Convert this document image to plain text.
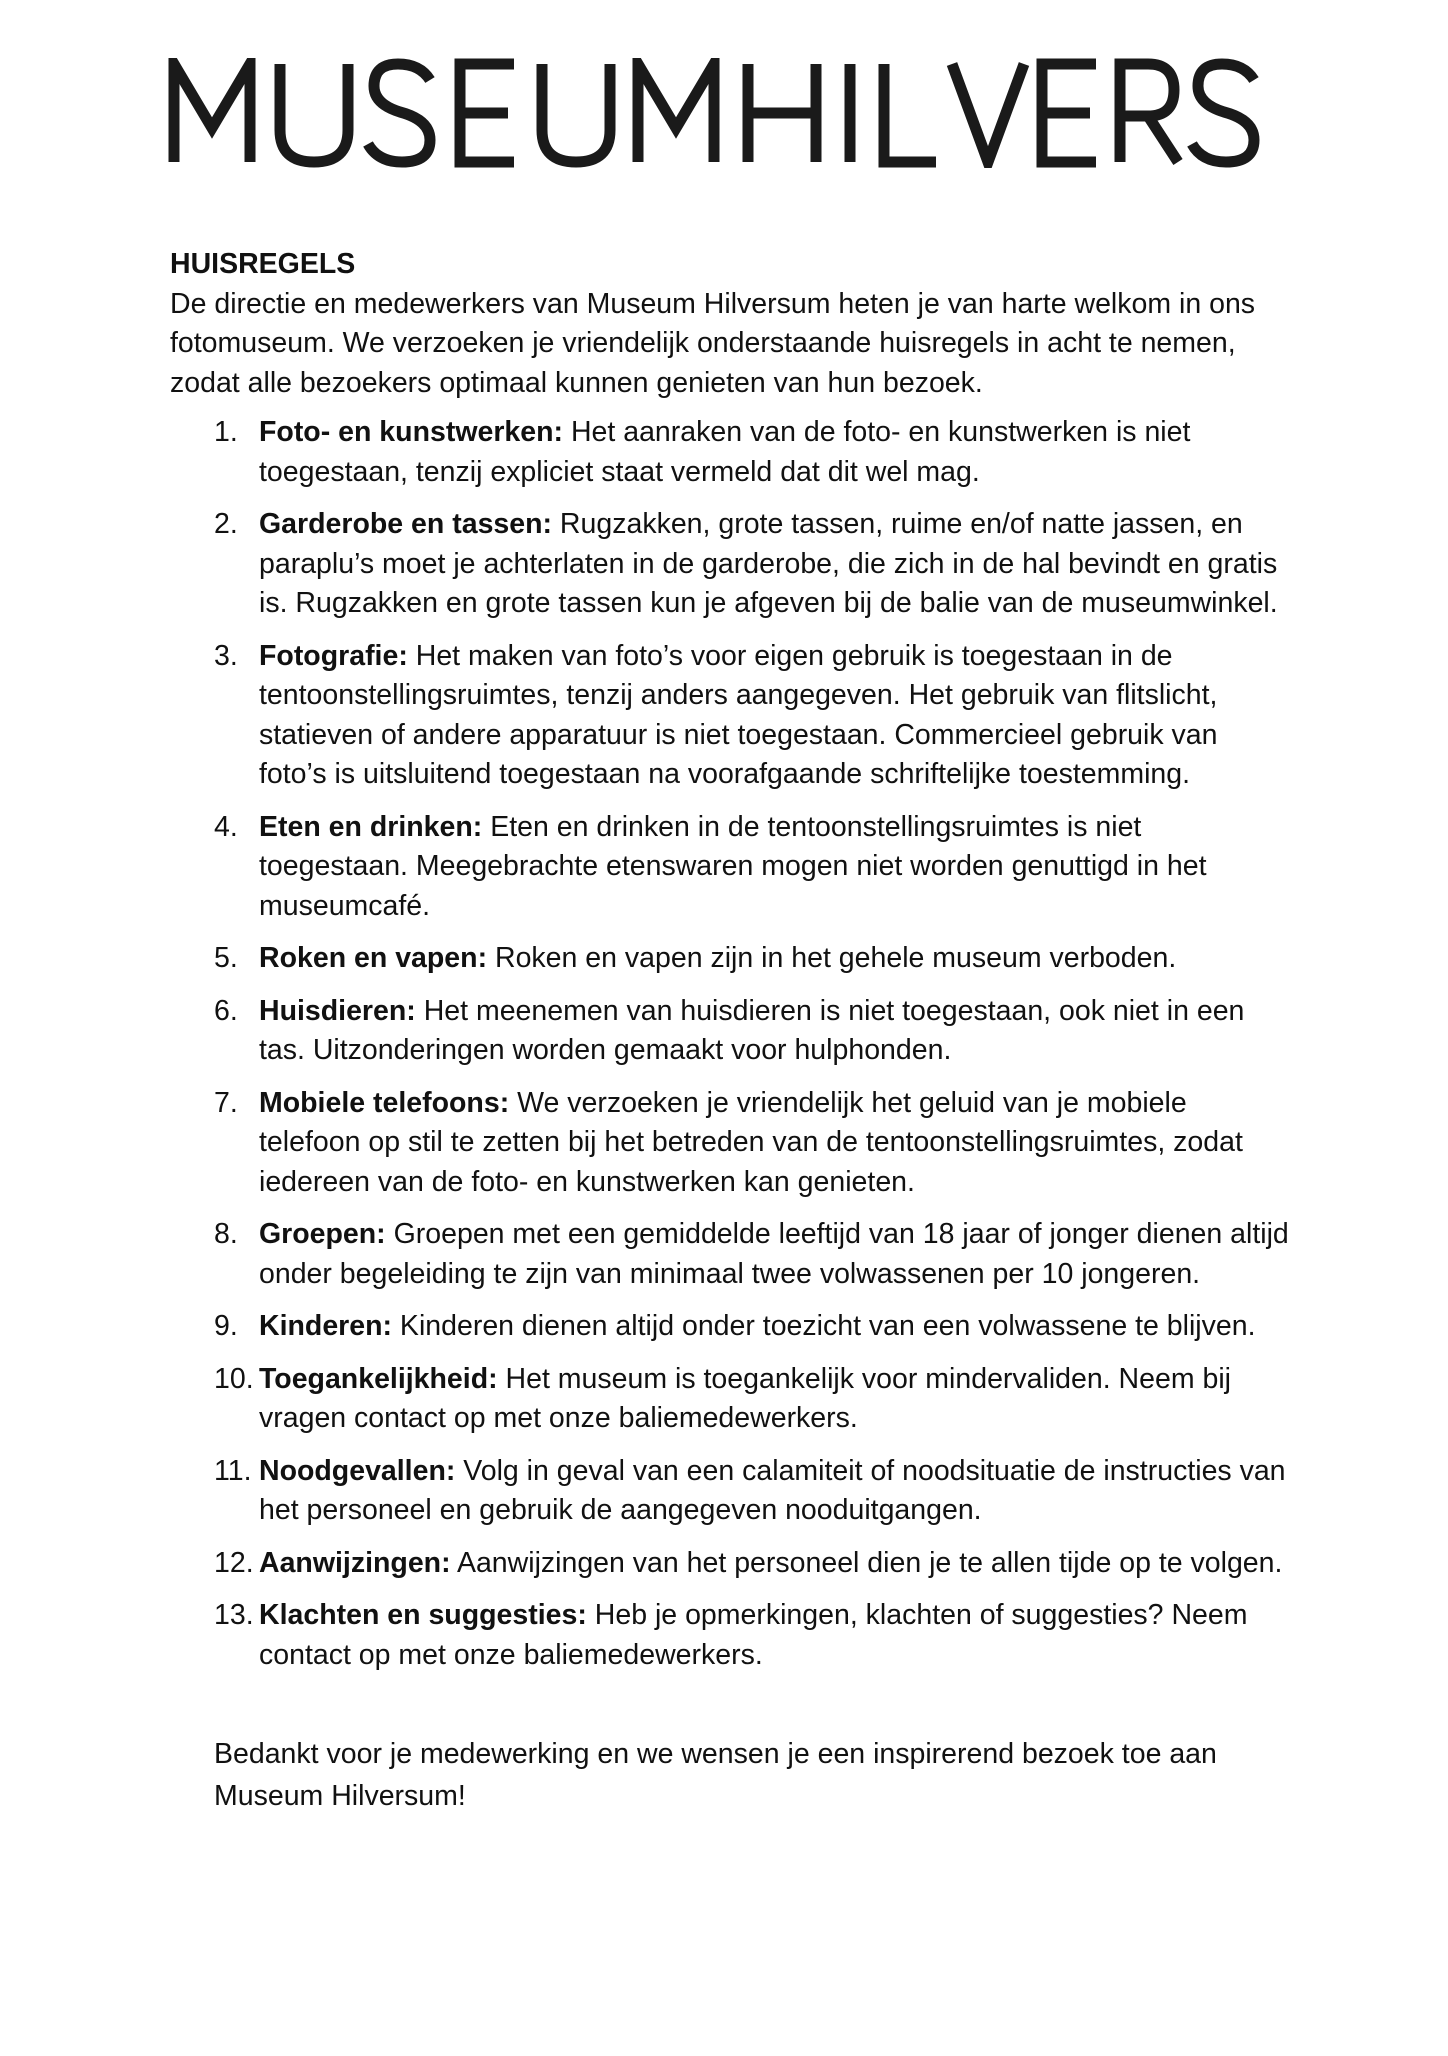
HUISREGELS

De directie en medewerkers van Museum Hilversum heten je van harte welkom in ons fotomuseum. We verzoeken je vriendelijk onderstaande huisregels in acht te nemen, zodat alle bezoekers optimaal kunnen genieten van hun bezoek.

1. Foto- en kunstwerken: Het aanraken van de foto- en kunstwerken is niet toegestaan, tenzij expliciet staat vermeld dat dit wel mag.
2. Garderobe en tassen: Rugzakken, grote tassen, ruime en/of natte jassen, en paraplu’s moet je achterlaten in de garderobe, die zich in de hal bevindt en gratis is. Rugzakken en grote tassen kun je afgeven bij de balie van de museumwinkel.
3. Fotografie: Het maken van foto’s voor eigen gebruik is toegestaan in de tentoonstellingsruimtes, tenzij anders aangegeven. Het gebruik van flitslicht, statieven of andere apparatuur is niet toegestaan. Commercieel gebruik van foto’s is uitsluitend toegestaan na voorafgaande schriftelijke toestemming.
4. Eten en drinken: Eten en drinken in de tentoonstellingsruimtes is niet toegestaan. Meegebrachte etenswaren mogen niet worden genuttigd in het museumcafé.
5. Roken en vapen: Roken en vapen zijn in het gehele museum verboden.
6. Huisdieren: Het meenemen van huisdieren is niet toegestaan, ook niet in een tas. Uitzonderingen worden gemaakt voor hulphonden.
7. Mobiele telefoons: We verzoeken je vriendelijk het geluid van je mobiele telefoon op stil te zetten bij het betreden van de tentoonstellingsruimtes, zodat iedereen van de foto- en kunstwerken kan genieten.
8. Groepen: Groepen met een gemiddelde leeftijd van 18 jaar of jonger dienen altijd onder begeleiding te zijn van minimaal twee volwassenen per 10 jongeren.
9. Kinderen: Kinderen dienen altijd onder toezicht van een volwassene te blijven.
10. Toegankelijkheid: Het museum is toegankelijk voor mindervaliden. Neem bij vragen contact op met onze baliemedewerkers.
11. Noodgevallen: Volg in geval van een calamiteit of noodsituatie de instructies van het personeel en gebruik de aangegeven nooduitgangen.
12. Aanwijzingen: Aanwijzingen van het personeel dien je te allen tijde op te volgen.
13. Klachten en suggesties: Heb je opmerkingen, klachten of suggesties? Neem contact op met onze baliemedewerkers.

Bedankt voor je medewerking en we wensen je een inspirerend bezoek toe aan Museum Hilversum!
